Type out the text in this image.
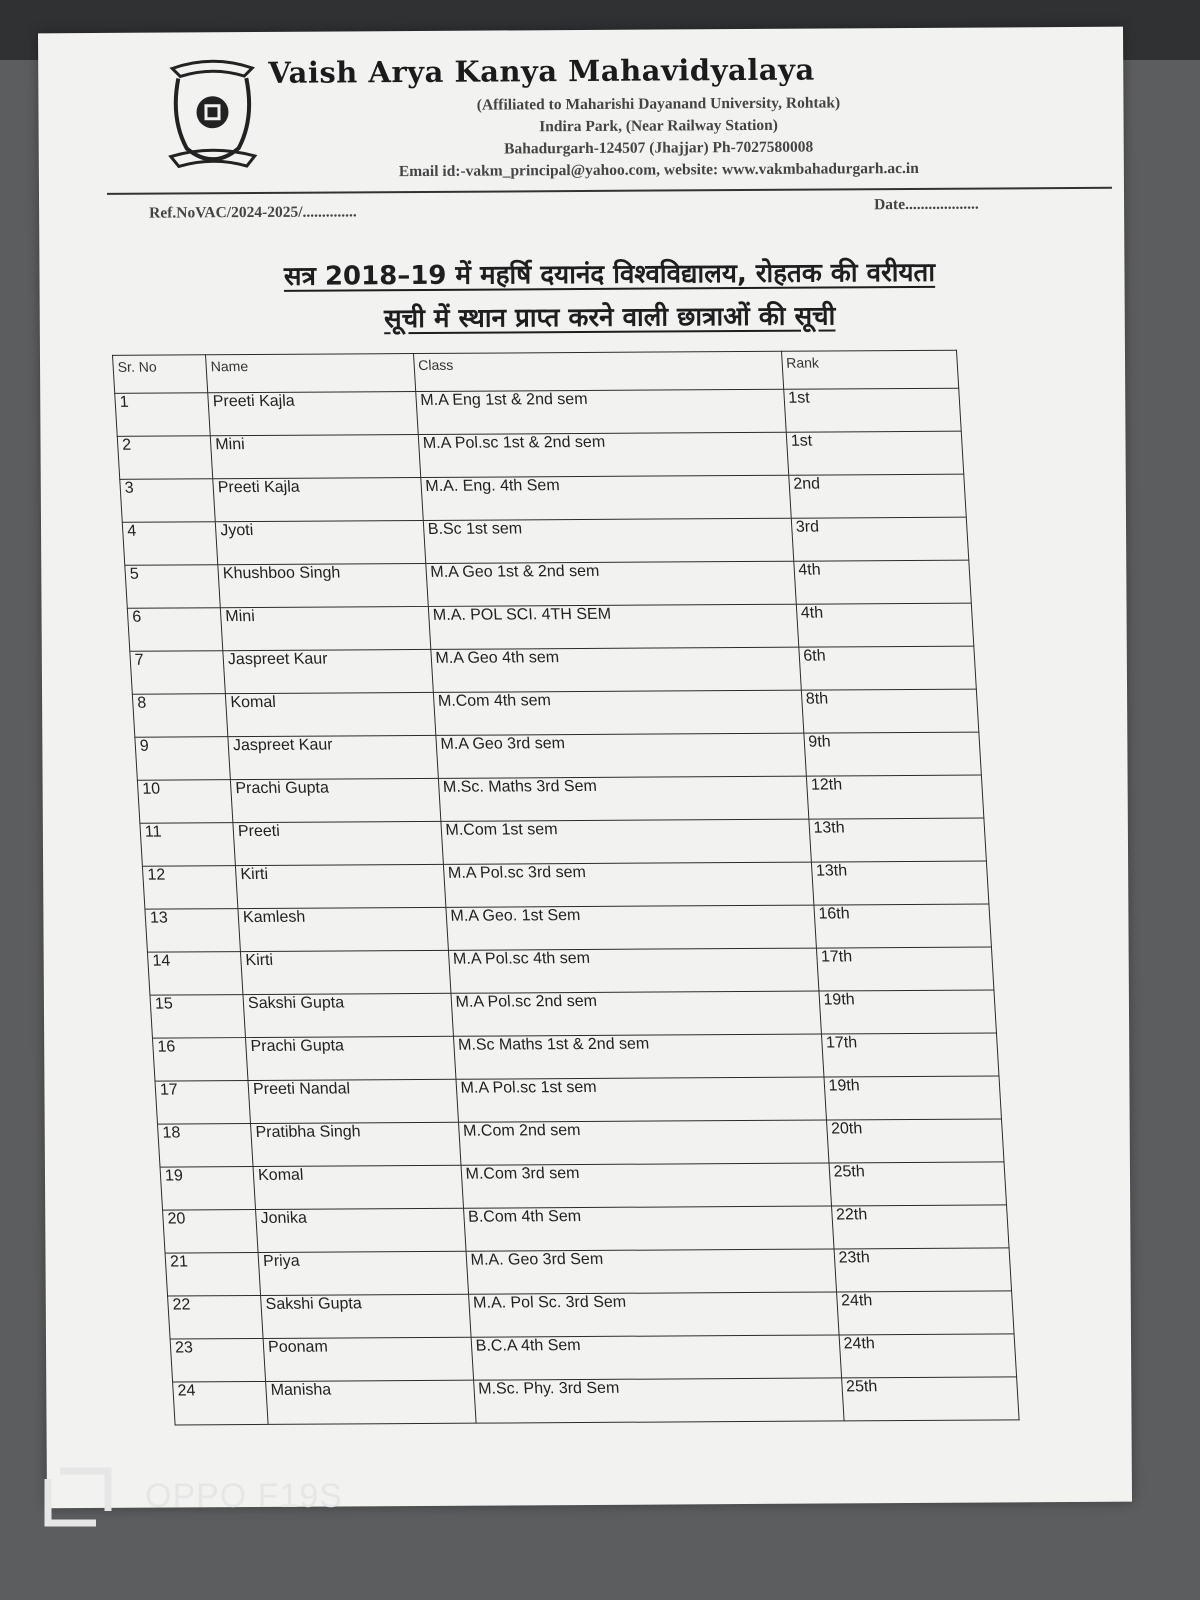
Vaish Arya Kanya Mahavidyalaya
(Affiliated to Maharishi Dayanand University, Rohtak)
Indira Park, (Near Railway Station)
Bahadurgarh-124507 (Jhajjar) Ph-7027580008
Email id:-vakm_principal@yahoo.com, website: www.vakmbahadurgarh.ac.in
Ref.NoVAC/2024-2025/..............	Date...................
सत्र 2018–19 में महर्षि दयानंद विश्वविद्यालय, रोहतक की वरीयता
सूची में स्थान प्राप्त करने वाली छात्राओं की सूची
Sr. No	Name	Class	Rank
1	Preeti Kajla	M.A Eng 1st & 2nd sem	1st
2	Mini	M.A Pol.sc 1st & 2nd sem	1st
3	Preeti Kajla	M.A. Eng. 4th Sem	2nd
4	Jyoti	B.Sc 1st sem	3rd
5	Khushboo Singh	M.A Geo 1st & 2nd sem	4th
6	Mini	M.A. POL SCI. 4TH SEM	4th
7	Jaspreet Kaur	M.A Geo 4th sem	6th
8	Komal	M.Com 4th sem	8th
9	Jaspreet Kaur	M.A Geo 3rd sem	9th
10	Prachi Gupta	M.Sc. Maths 3rd Sem	12th
11	Preeti	M.Com 1st sem	13th
12	Kirti	M.A Pol.sc 3rd sem	13th
13	Kamlesh	M.A Geo. 1st Sem	16th
14	Kirti	M.A Pol.sc 4th sem	17th
15	Sakshi Gupta	M.A Pol.sc 2nd sem	19th
16	Prachi Gupta	M.Sc Maths 1st & 2nd sem	17th
17	Preeti Nandal	M.A Pol.sc 1st sem	19th
18	Pratibha Singh	M.Com 2nd sem	20th
19	Komal	M.Com 3rd sem	25th
20	Jonika	B.Com 4th Sem	22th
21	Priya	M.A. Geo 3rd Sem	23th
22	Sakshi Gupta	M.A. Pol Sc. 3rd Sem	24th
23	Poonam	B.C.A 4th Sem	24th
24	Manisha	M.Sc. Phy. 3rd Sem	25th
OPPO F19S
